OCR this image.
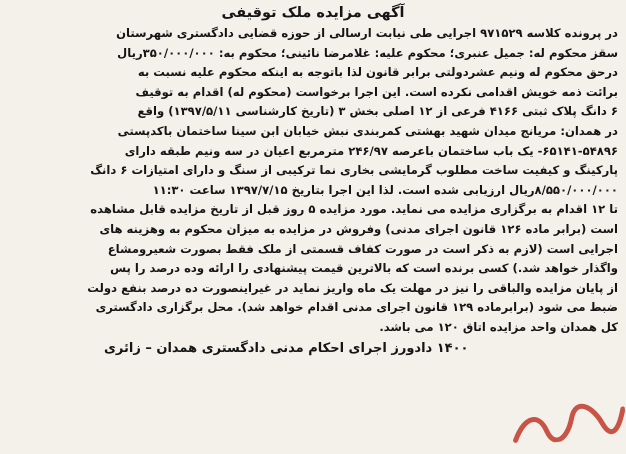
آگهی مزایده ملک توقیفی
در پرونده کلاسه ۹۷۱۵۲۹ اجرایی طی نیابت ارسالی از حوزه قضایی دادگستری شهرستان
سقز محکوم له: جمیل عنبری؛ محکوم علیه: غلامرضا نائینی؛ محکوم به: ۳۵۰/۰۰۰/۰۰۰ریال
درحق محکوم له ونیم عشردولتی برابر قانون لذا باتوجه به اینکه محکوم علیه نسبت به
برائت ذمه خویش اقدامی نکرده است. این اجرا برخواست (محکوم له) اقدام به توقیف
۶ دانگ پلاک ثبتی ۴۱۶۶ فرعی از ۱۲ اصلی بخش ۳ (تاریخ کارشناسی ۱۳۹۷/۵/۱۱) واقع
در همدان: مریانج میدان شهید بهشتی کمربندی نبش خیابان ابن سینا ساختمان باکدپستی
۶۵۱۴۱-۵۴۸۹۶- یک باب ساختمان باعرصه ۲۴۶/۹۷ مترمربع اعیان در سه ونیم طبقه دارای
پارکینگ و کیفیت ساخت مطلوب گرمایشی بخاری نما ترکیبی از سنگ و دارای امتیازات ۶ دانگ
۸/۵۵۰/۰۰۰/۰۰۰ریال ارزیابی شده است. لذا این اجرا بتاریخ ۱۳۹۷/۷/۱۵ ساعت ۱۱:۳۰
تا ۱۲ اقدام به برگزاری مزایده می نماید. مورد مزایده ۵ روز قبل از تاریخ مزایده قابل مشاهده
است (برابر ماده ۱۲۶ قانون اجرای مدنی) وفروش در مزایده به میزان محکوم به وهزینه های
اجرایی است (لازم به ذکر است در صورت کفاف قسمتی از ملک فقط بصورت شعیرومشاع
واگذار خواهد شد.) کسی برنده است که بالاترین قیمت پیشنهادی را ارائه وده درصد را پس
از پایان مزایده والباقی را نیز در مهلت یک ماه واریز نماید در غیراینصورت ده درصد بنفع دولت
ضبط می شود (برابرماده ۱۲۹ قانون اجرای مدنی اقدام خواهد شد). محل برگزاری دادگستری
کل همدان واحد مزایده اتاق ۱۲۰ می باشد.
۱۴۰۰ دادورز اجرای احکام مدنی دادگستری همدان – زائری
